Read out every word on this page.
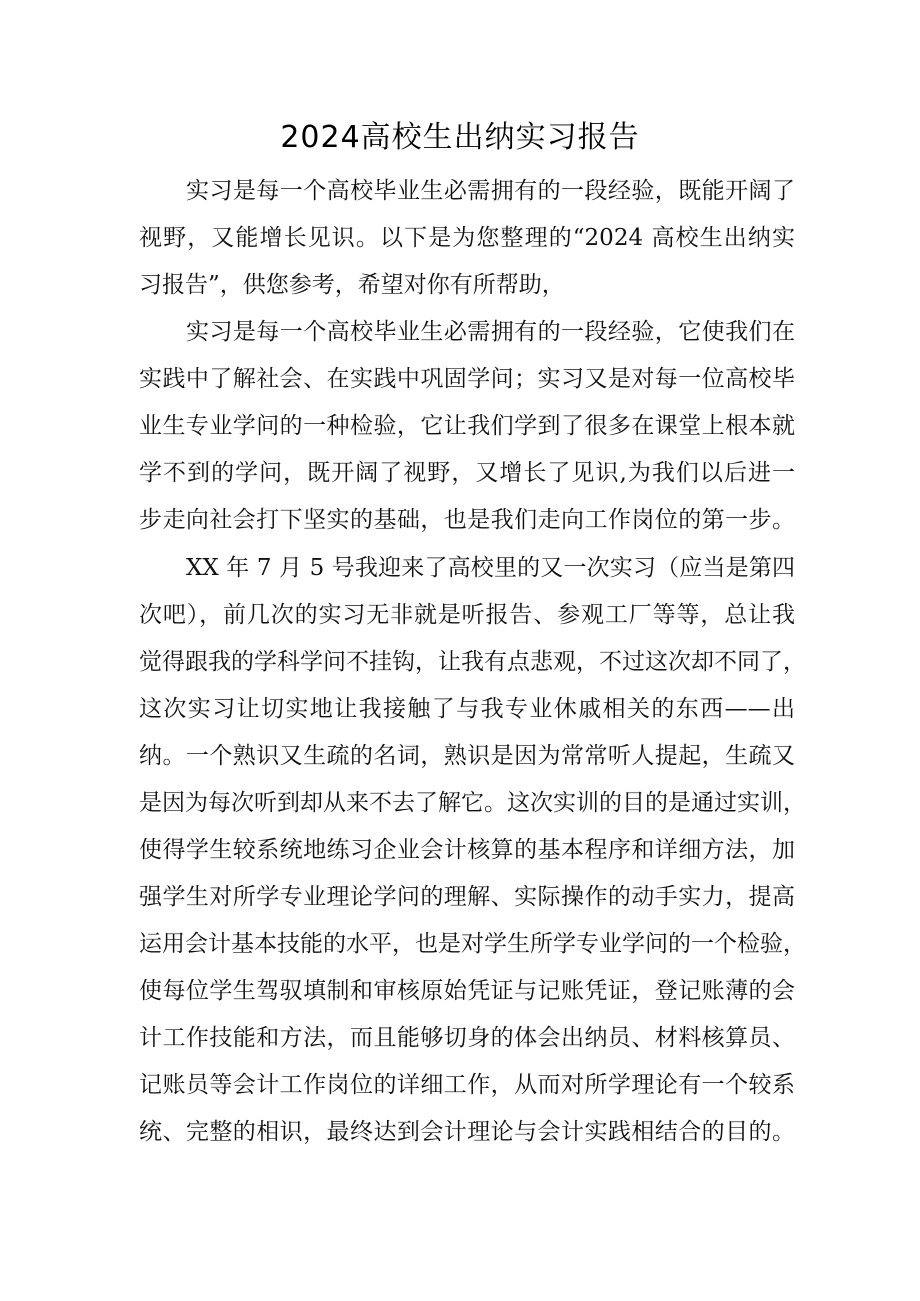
2024高校生出纳实习报告
实习是每一个高校毕业生必需拥有的一段经验，既能开阔了
视野，又能增长见识。以下是为您整理的“2024 高校生出纳实
习报告”，供您参考，希望对你有所帮助，
实习是每一个高校毕业生必需拥有的一段经验，它使我们在
实践中了解社会、在实践中巩固学问；实习又是对每一位高校毕
业生专业学问的一种检验，它让我们学到了很多在课堂上根本就
学不到的学问，既开阔了视野，又增长了见识,为我们以后进一
步走向社会打下坚实的基础，也是我们走向工作岗位的第一步。
XX 年 7 月 5 号我迎来了高校里的又一次实习（应当是第四
次吧），前几次的实习无非就是听报告、参观工厂等等，总让我
觉得跟我的学科学问不挂钩，让我有点悲观，不过这次却不同了，
这次实习让切实地让我接触了与我专业休戚相关的东西——出
纳。一个熟识又生疏的名词，熟识是因为常常听人提起，生疏又
是因为每次听到却从来不去了解它。这次实训的目的是通过实训，
使得学生较系统地练习企业会计核算的基本程序和详细方法，加
强学生对所学专业理论学问的理解、实际操作的动手实力，提高
运用会计基本技能的水平，也是对学生所学专业学问的一个检验，
使每位学生驾驭填制和审核原始凭证与记账凭证，登记账薄的会
计工作技能和方法，而且能够切身的体会出纳员、材料核算员、
记账员等会计工作岗位的详细工作，从而对所学理论有一个较系
统、完整的相识，最终达到会计理论与会计实践相结合的目的。
